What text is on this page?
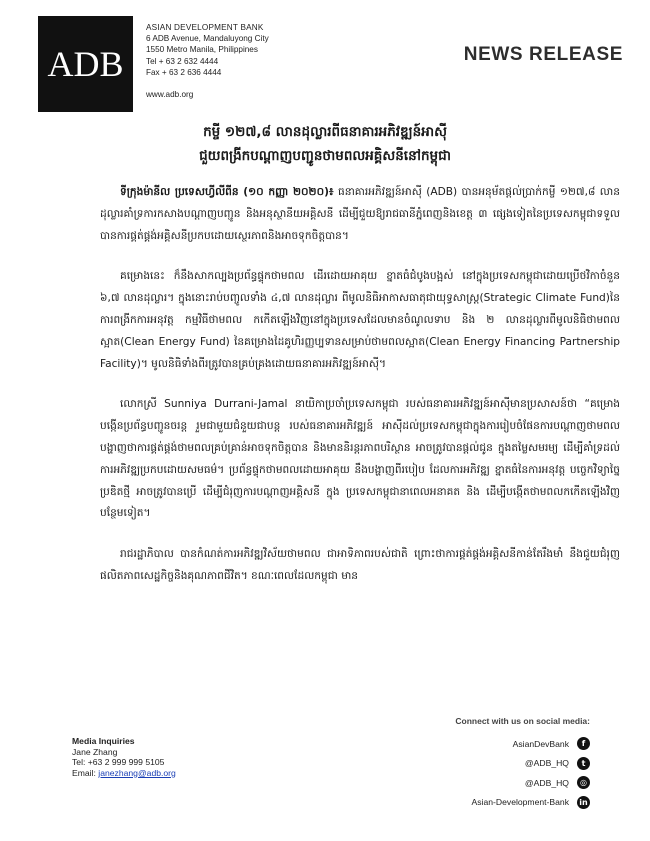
ADB
ASIAN DEVELOPMENT BANK
6 ADB Avenue, Mandaluyong City
1550 Metro Manila, Philippines
Tel + 63 2 632 4444
Fax + 63 2 636 4444
www.adb.org
NEWS RELEASE
កម្ចី ១២៧,៨ លានដុល្លារពីធនាគារអភិវឌ្ឍន៍អាស៊ី
ជួយពង្រីកបណ្តាញបញ្ជូនថាមពលអគ្គិសនីនៅកម្ពុជា

ទីក្រុងម៉ានីល ប្រទេសហ្វីលីពីន (១០ កញ្ញា ២០២០)៖ ធនាគារអភិវឌ្ឍន៍អាស៊ី (ADB) បានអនុម័តផ្តល់ប្រាក់កម្ចី ១២៧,៨ លានដុល្លារគាំទ្រការកសាងបណ្តាញបញ្ជូន និងអនុស្ថានីយអគ្គិសនី ដើម្បីជួយឱ្យរាជធានីភ្នំពេញនិងខេត្ត ៣ ផ្សេងទៀតនៃប្រទេសកម្ពុជាទទួលបានការផ្គត់ផ្គង់អគ្គិសនីប្រកបដោយស្ថេរភាពនិងអាចទុកចិត្តបាន។

គម្រោងនេះ ក៏នឹងសាកល្បងប្រព័ន្ធផ្ទុកថាមពល ដើរដោយអាគុយ ខ្នាតធំជំបូងបង្អស់ នៅក្នុងប្រទេសកម្ពុជាដោយប្រើថវិកាចំនួន ៦,៧ លានដុល្លារ។ ក្នុងនោះរាប់បញ្ចូលទាំង ៤,៧ លានដុល្លារ ពីមូលនិធិអាកាសធាតុជាយុទ្ធសាស្ត្រ(Strategic Climate Fund)នៃការពង្រីកការអនុវត្ត កម្មវិធីថាមពល កកើតឡើងវិញនៅក្នុងប្រទេសដែលមានចំណូលទាប និង ២ លានដុល្លារពីមូលនិធិថាមពលស្អាត(Clean Energy Fund) នៃគម្រោងដៃគូហិរញ្ញប្បទានសម្រាប់ថាមពលស្អាត(Clean Energy Financing Partnership Facility)។ មូលនិធិទាំងពីរត្រូវបានគ្រប់គ្រងដោយធនាគារអភិវឌ្ឍន៍អាស៊ី។

លោកស្រី Sunniya Durrani-Jamal នាយិកាប្រចាំប្រទេសកម្ពុជា របស់ធនាគារអភិវឌ្ឍន៍អាស៊ីមានប្រសាសន៍ថា “គម្រោងបង្កើនប្រព័ន្ធបញ្ជូនចរន្ត រួមជាមួយជំនួយជាបន្ត របស់ធនាគារអភិវឌ្ឍន៍ អាស៊ីដល់ប្រទេសកម្ពុជាក្នុងការរៀបចំផែនការបណ្តាញថាមពល បង្ហាញថាការផ្គត់ផ្គង់ថាមពលគ្រប់គ្រាន់អាចទុកចិត្តបាន និងមាននិរន្តរភាពបរិស្ថាន អាចត្រូវបានផ្តល់ជូន ក្នុងតម្លៃសមរម្យ ដើម្បីគាំទ្រដល់ ការអភិវឌ្ឍប្រកបដោយសមធម៌។ ប្រព័ន្ធផ្ទុកថាមពលដោយអាគុយ នឹងបង្ហាញពីរបៀប ដែលការអភិវឌ្ឍ ខ្នាតធំនៃការអនុវត្ត បច្ចេកវិទ្យាច្នៃប្រឌិតថ្មី អាចត្រូវបានប្រើ ដើម្បីជំរុញការបណ្តាញអគ្គិសនី ក្នុង ប្រទេសកម្ពុជានាពេលអនាគត និង ដើម្បីបង្កើតថាមពលកកើតឡើងវិញបន្ថែមទៀត។

រាជរដ្ឋាភិបាល បានកំណត់ការអភិវឌ្ឍវិស័យថាមពល ជាអាទិភាពរបស់ជាតិ ព្រោះថាការផ្គត់ផ្គង់អគ្គិសនីកាន់តែរឹងមាំ នឹងជួយជំរុញផលិតភាពសេដ្ឋកិច្ចនិងគុណភាពជីវិត។ ខណៈពេលដែលកម្ពុជា មាន

Media Inquiries
Jane Zhang
Tel: +63 2 999 999 5105
Email: janezhang@adb.org
Connect with us on social media:
AsianDevBank	f
@ADB_HQ	t
@ADB_HQ	◎
Asian-Development-Bank in
